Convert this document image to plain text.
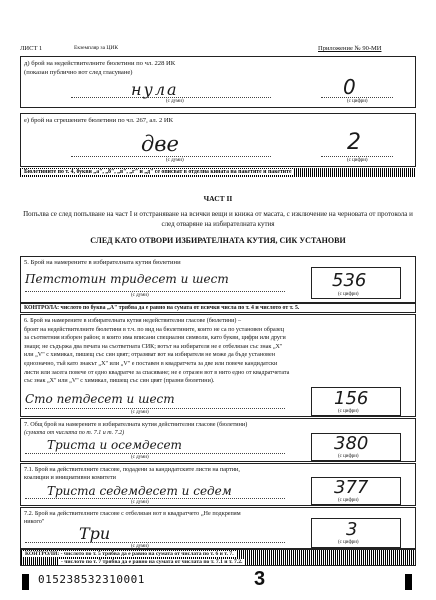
ЛИСТ 1	Екземпляр за ЦИК	Приложение № 90-МИ
д) брой на недействителните бюлетини по чл. 228 ИК
(показан публично вот след гласуване)
нула
(с думи)
0
(с цифри)
е) брой на сгрешените бюлетини по чл. 267, ал. 2 ИК
две
(с думи)
2
(с цифри)
Бюлетините по т. 4, букви „а", „б", „в", „г" и „д" се описват в отделна кината на пакетите и пакетите
ЧАСТ II
Попълва се след попълване на част I и отстраняване на всички вещи и книжа от масата, с изключение на черновата от протокола и след отваряне на избирателната кутия
СЛЕД КАТО ОТВОРИ ИЗБИРАТЕЛНАТА КУТИЯ, СИК УСТАНОВИ
5. Брой на намерените в избирателната кутия бюлетини
Петстотин тридесет и шест
(с думи)
536
(с цифри)
КОНТРОЛА: числото по буква „А" трябва да е равно на сумата от всички числа по т. 4 и числото от т. 5.
6. Брой на намерените в избирателната кутия недействителни гласове (бюлетини) –
броят на недействителните бюлетини в т.ч. по вид на бюлетините, които не са по установен образец
за съответния изборен район; в които има вписани специални символи, като букви, цифри или други
знаци; не съдържа два печата на съответната СИК; вотът на избирателя не е отбелязан със знак „Х"
или „V" с химикал, пишещ със син цвят; отразяват вот на избирателя не може да бъде установен
еднозначно, тъй като знакът „Х" или „V" е поставен в квадратчета за две или повече кандидатски
листи или засега повече от едно квадратче за спасяване; не е отразен вот в нито едно от квадратчетата
със знак „Х" или „V" с химикал, пишещ със син цвят (празни бюлетини).
Сто петдесет и шест
(с думи)
156
(с цифри)
7. Общ брой на намерените в избирателната кутия действителни гласове (бюлетини)
(сумата от числата по т. 7.1 и т. 7.2)
Триста и осемдесет
(с думи)
380
(с цифри)
7.1. Брой на действителните гласове, подадени за кандидатските листи на партии,
коалиции и инициативни комитети
Триста седемдесет и седем
(с думи)
377
(с цифри)
7.2. Брой на действителните гласове с отбелязан вот в квадратчето „Не подкрепям
никого"
Три
(с думи)
3
(с цифри)
КОНТРОЛИ: - числото по т. 5 трябва да е равно на сумата от числата по т. 6 и т. 7.
- числото по т. 7 трябва да е равно на сумата от числата по т. 7.1 и т. 7.2.
015238532310001	3
